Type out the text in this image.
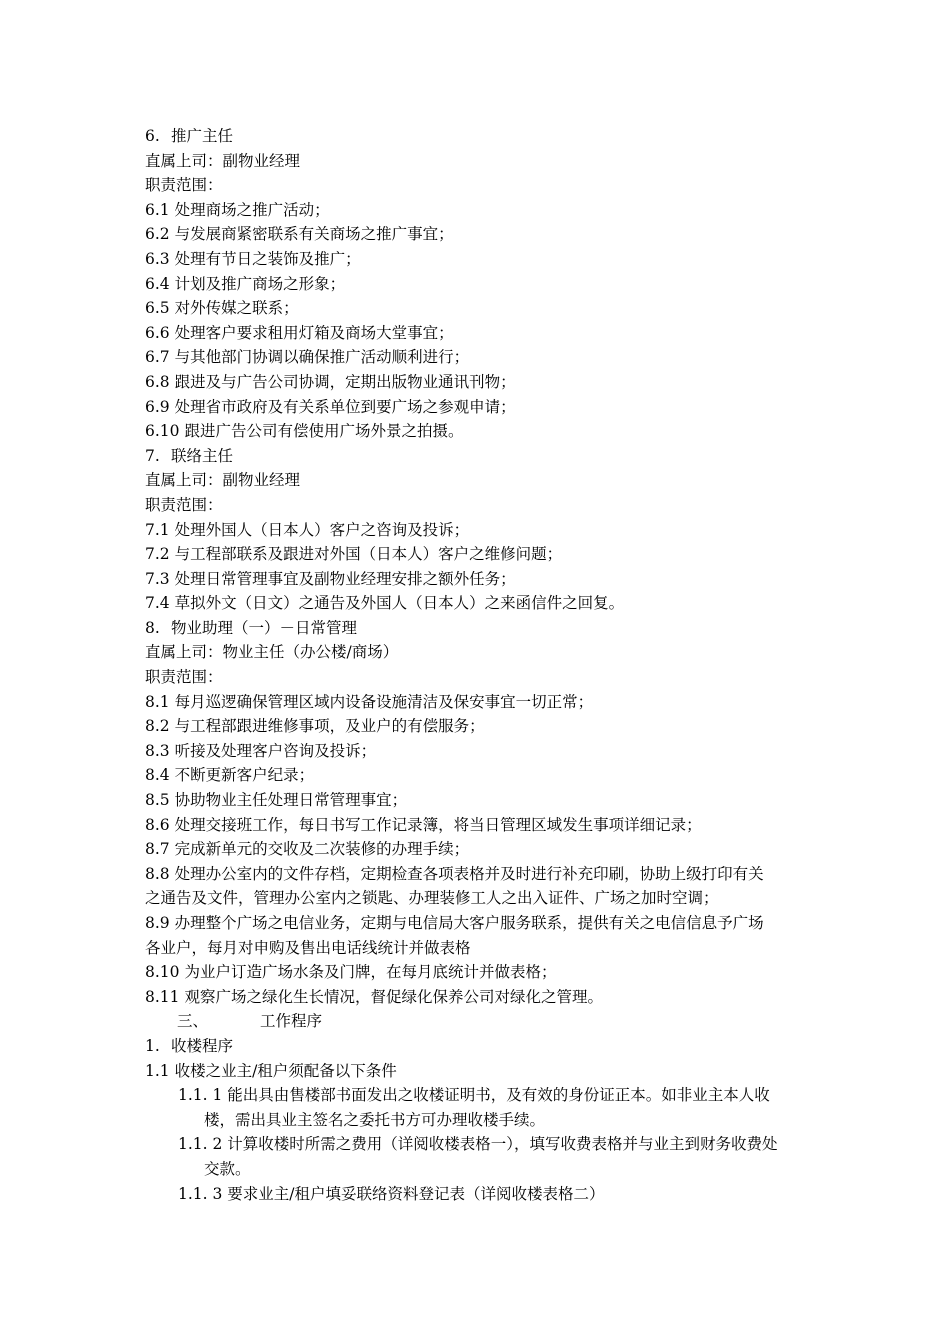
6. 推广主任
直属上司：副物业经理
职责范围：
6.1 处理商场之推广活动；
6.2 与发展商紧密联系有关商场之推广事宜；
6.3 处理有节日之装饰及推广；
6.4 计划及推广商场之形象；
6.5 对外传媒之联系；
6.6 处理客户要求租用灯箱及商场大堂事宜；
6.7 与其他部门协调以确保推广活动顺利进行；
6.8 跟进及与广告公司协调，定期出版物业通讯刊物；
6.9 处理省市政府及有关系单位到要广场之参观申请；
6.10 跟进广告公司有偿使用广场外景之拍摄。
7. 联络主任
直属上司：副物业经理
职责范围：
7.1 处理外国人（日本人）客户之咨询及投诉；
7.2 与工程部联系及跟进对外国（日本人）客户之维修问题；
7.3 处理日常管理事宜及副物业经理安排之额外任务；
7.4 草拟外文（日文）之通告及外国人（日本人）之来函信件之回复。
8. 物业助理（一）－日常管理
直属上司：物业主任（办公楼/商场）
职责范围：
8.1 每月巡逻确保管理区域内设备设施清洁及保安事宜一切正常；
8.2 与工程部跟进维修事项，及业户的有偿服务；
8.3 听接及处理客户咨询及投诉；
8.4 不断更新客户纪录；
8.5 协助物业主任处理日常管理事宜；
8.6 处理交接班工作，每日书写工作记录簿，将当日管理区域发生事项详细记录；
8.7 完成新单元的交收及二次装修的办理手续；
8.8 处理办公室内的文件存档，定期检查各项表格并及时进行补充印刷，协助上级打印有关
之通告及文件，管理办公室内之锁匙、办理装修工人之出入证件、广场之加时空调；
8.9 办理整个广场之电信业务，定期与电信局大客户服务联系，提供有关之电信信息予广场
各业户，每月对申购及售出电话线统计并做表格
8.10 为业户订造广场水条及门牌，在每月底统计并做表格；
8.11 观察广场之绿化生长情况，督促绿化保养公司对绿化之管理。
三、	工作程序
1. 收楼程序
1.1 收楼之业主/租户须配备以下条件
1.1. 1 能出具由售楼部书面发出之收楼证明书，及有效的身份证正本。如非业主本人收
楼，需出具业主签名之委托书方可办理收楼手续。
1.1. 2 计算收楼时所需之费用（详阅收楼表格一），填写收费表格并与业主到财务收费处
交款。
1.1. 3 要求业主/租户填妥联络资料登记表（详阅收楼表格二）
